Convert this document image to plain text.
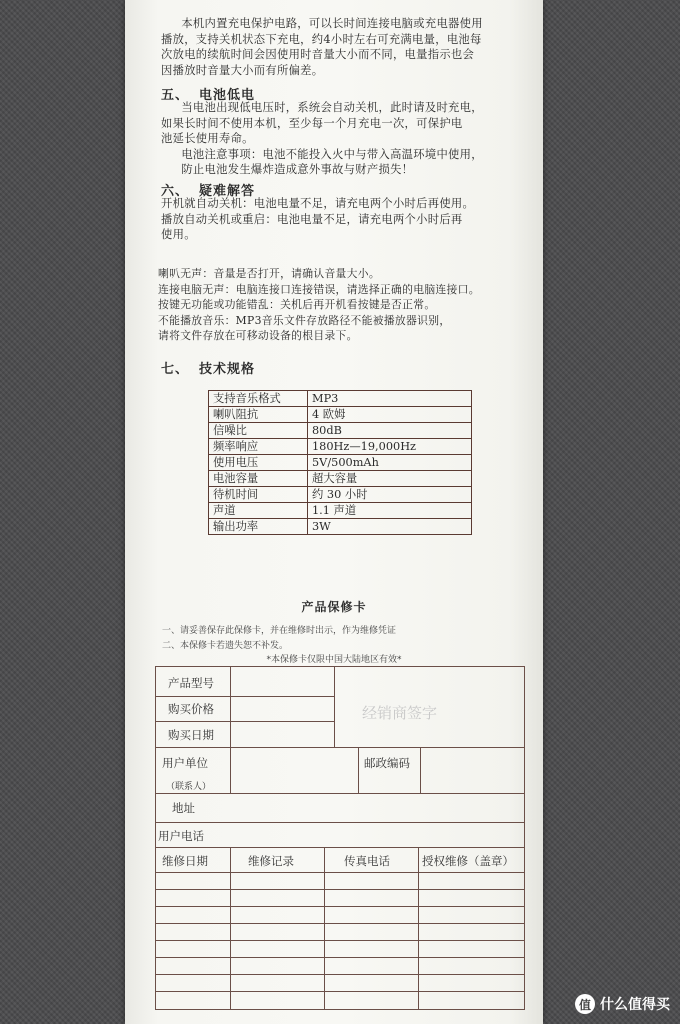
本机内置充电保护电路，可以长时间连接电脑或充电器使用

播放，支持关机状态下充电，约4小时左右可充满电量，电池每

次放电的续航时间会因使用时音量大小而不同，电量指示也会

因播放时音量大小而有所偏差。

五、 电池低电

当电池出现低电压时，系统会自动关机，此时请及时充电，

如果长时间不使用本机，至少每一个月充电一次，可保护电

池延长使用寿命。

电池注意事项：电池不能投入火中与带入高温环境中使用，

防止电池发生爆炸造成意外事故与财产损失！

六、 疑难解答

开机就自动关机：电池电量不足，请充电两个小时后再使用。

播放自动关机或重启：电池电量不足，请充电两个小时后再

使用。

喇叭无声：音量是否打开，请确认音量大小。

连接电脑无声：电脑连接口连接错误，请选择正确的电脑连接口。

按键无功能或功能错乱：关机后再开机看按键是否正常。

不能播放音乐：MP3音乐文件存放路径不能被播放器识别，

请将文件存放在可移动设备的根目录下。

七、 技术规格
支持音乐格式	MP3
喇叭阻抗	4 欧姆
信噪比	80dB
频率响应	180Hz—19,000Hz
使用电压	5V/500mAh
电池容量	超大容量
待机时间	约 30 小时
声道	1.1 声道
输出功率	3W
产品保修卡
一、请妥善保存此保修卡，并在维修时出示，作为维修凭证
二、本保修卡若遗失恕不补发。
*本保修卡仅限中国大陆地区有效*
产品型号
购买价格
购买日期
经销商签字
用户单位
（联系人）
邮政编码
地址
用户电话
维修日期	维修记录	传真电话	授权维修（盖章）
值 什么值得买
